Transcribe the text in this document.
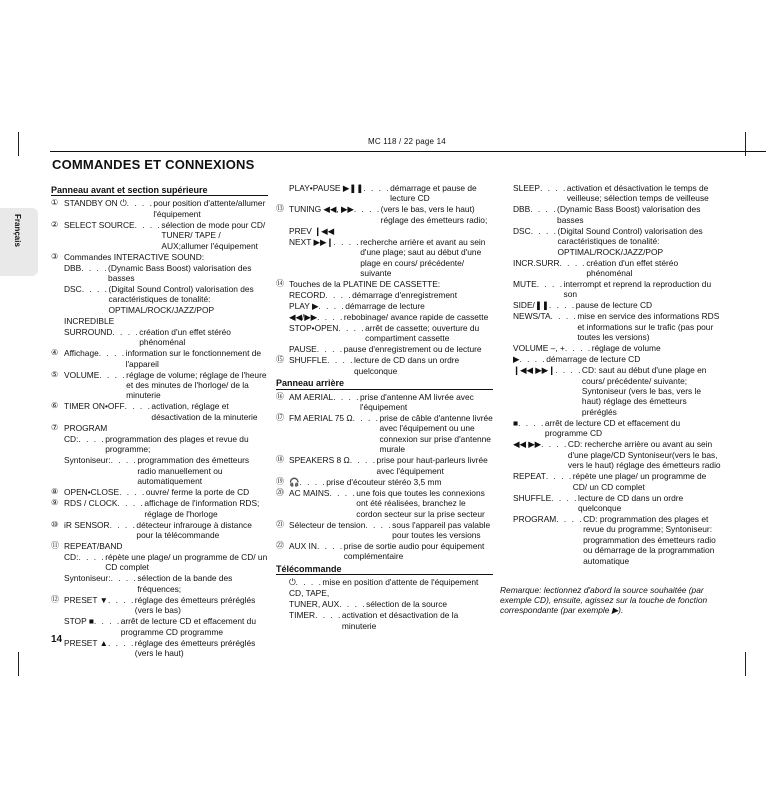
MC 118 / 22 page 14
COMMANDES ET CONNEXIONS
Français
Panneau avant et section supérieure
① STANDBY ON ⏻ . . . . pour position d'attente/allumer l'équipement
② SELECT SOURCE . . . . sélection de mode pour CD/ TUNER/ TAPE / AUX;allumer l'équipement
③ Commandes INTERACTIVE SOUND:
DBB . . . . (Dynamic Bass Boost) valorisation des basses
DSC . . . . (Digital Sound Control) valorisation des caractéristiques de tonalité: OPTIMAL/ROCK/JAZZ/POP
INCREDIBLE
SURROUND . . . . création d'un effet stéréo phénoménal
④ Affichage . . . . information sur le fonctionnement de l'appareil
⑤ VOLUME . . . . réglage de volume; réglage de l'heure et des minutes de l'horloge/ de la minuterie
⑥ TIMER ON•OFF . . . . activation, réglage et désactivation de la minuterie
⑦ PROGRAM
CD: . . . . programmation des plages et revue du programme;
Syntoniseur: . . . . programmation des émetteurs radio manuellement ou automatiquement
⑧ OPEN•CLOSE . . . . ouvre/ ferme la porte de CD
⑨ RDS / CLOCK . . . . affichage de l'information RDS; réglage de l'horloge
⑩ iR SENSOR . . . . détecteur infrarouge à distance pour la télécommande
⑪ REPEAT/BAND
CD: . . . . répète une plage/ un programme de CD/ un CD complet
Syntoniseur: . . . . sélection de la bande des fréquences;
⑫ PRESET ▼ . . . . réglage des émetteurs préréglés (vers le bas)
STOP ■ . . . . arrêt de lecture CD et effacement du programme CD programme
PRESET ▲ . . . . réglage des émetteurs préréglés (vers le haut)
PLAY•PAUSE ▶❚❚ . . . . démarrage et pause de lecture CD
⑬ TUNING ◀◀, ▶▶ . . . . (vers le bas, vers le haut) réglage des émetteurs radio;
PREV ❙◀◀
NEXT ▶▶❙ . . . . recherche arrière et avant au sein d'une plage; saut au début d'une plage en cours/ précédente/ suivante
⑭ Touches de la PLATINE DE CASSETTE:
RECORD . . . . démarrage d'enregistrement
PLAY ▶ . . . . démarrage de lecture
◀◀/▶▶ . . . . rebobinage/ avance rapide de cassette
STOP•OPEN . . . . arrêt de cassette; ouverture du compartiment cassette
PAUSE . . . . pause d'enregistrement ou de lecture
⑮ SHUFFLE . . . . lecture de CD dans un ordre quelconque
Panneau arrière
⑯ AM AERIAL . . . . prise d'antenne AM livrée avec l'équipement
⑰ FM AERIAL 75 Ω . . . . prise de câble d'antenne livrée avec l'équipement ou une connexion sur prise d'antenne murale
⑱ SPEAKERS 8 Ω . . . . prise pour haut-parleurs livrée avec l'équipement
⑲ 🎧 . . . . prise d'écouteur stéréo 3,5 mm
⑳ AC MAINS . . . . une fois que toutes les connexions ont été réalisées, branchez le cordon secteur sur la prise secteur
㉑ Sélecteur de tension . . . . sous l'appareil pas valable pour toutes les versions
㉒ AUX IN . . . . prise de sortie audio pour équipement complémentaire
Télécommande
⏻ . . . . mise en position d'attente de l'équipement
CD, TAPE,
TUNER, AUX . . . . sélection de la source
TIMER . . . . activation et désactivation de la minuterie
SLEEP . . . . activation et désactivation le temps de veilleuse; sélection temps de veilleuse
DBB . . . . (Dynamic Bass Boost) valorisation des basses
DSC . . . . (Digital Sound Control) valorisation des caractéristiques de tonalité: OPTIMAL/ROCK/JAZZ/POP
INCR.SURR . . . . création d'un effet stéréo phénoménal
MUTE . . . . interrompt et reprend la reproduction du son
SIDE/❚❚ . . . . pause de lecture CD
NEWS/TA . . . . mise en service des informations RDS et informations sur le trafic (pas pour toutes les versions)
VOLUME –, + . . . . réglage de volume
▶ . . . . démarrage de lecture CD
❙◀◀ ▶▶❙ . . . . CD: saut au début d'une plage en cours/ précédente/ suivante; Syntoniseur (vers le bas, vers le haut) réglage des émetteurs préréglés
■ . . . . arrêt de lecture CD et effacement du programme CD
◀◀ ▶▶ . . . . CD: recherche arrière ou avant au sein d'une plage/CD Syntoniseur(vers le bas, vers le haut) réglage des émetteurs radio
REPEAT . . . . répète une plage/ un programme de CD/ un CD complet
SHUFFLE . . . . lecture de CD dans un ordre quelconque
PROGRAM . . . . CD: programmation des plages et revue du programme; Syntoniseur: programmation des émetteurs radio ou démarrage de la programmation automatique
Remarque: lectionnez d'abord la source souhaitée (par exemple CD), ensuite, agissez sur la touche de fonction correspondante (par exemple ▶).
14
